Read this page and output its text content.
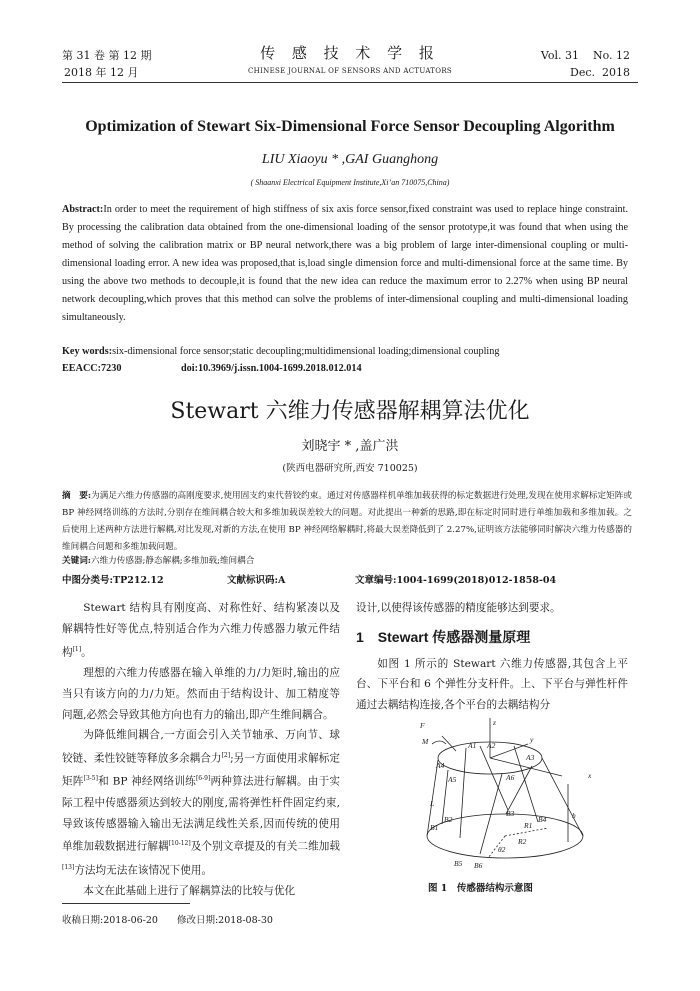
第 31 卷 第 12 期
2018 年 12 月
传 感 技 术 学 报
CHINESE JOURNAL OF SENSORS AND ACTUATORS
Vol. 31    No. 12
Dec.  2018
Optimization of Stewart Six-Dimensional Force Sensor Decoupling Algorithm
LIU Xiaoyu * ,GAI Guanghong
( Shaanxi Electrical Equipment Institute,Xi’an 710075,China)
Abstract:In order to meet the requirement of high stiffness of six axis force sensor,fixed constraint was used to replace hinge constraint. By processing the calibration data obtained from the one-dimensional loading of the sensor prototype,it was found that when using the method of solving the calibration matrix or BP neural network,there was a big problem of large inter-dimensional coupling or multi-dimensional loading error. A new idea was proposed,that is,load single dimension force and multi-dimensional force at the same time. By using the above two methods to decouple,it is found that the new idea can reduce the maximum error to 2.27% when using BP neural network decoupling,which proves that this method can solve the problems of inter-dimensional coupling and multi-dimensional loading simultaneously.
Key words:six-dimensional force sensor;static decoupling;multidimensional loading;dimensional coupling
EEACC:7230	doi:10.3969/j.issn.1004-1699.2018.012.014
Stewart 六维力传感器解耦算法优化
刘晓宇 * ,盖广洪
(陕西电器研究所,西安 710025)
摘　要:为满足六维力传感器的高刚度要求,使用固支约束代替铰约束。通过对传感器样机单维加载获得的标定数据进行处理,发现在使用求解标定矩阵或 BP 神经网络训练的方法时,分别存在维间耦合较大和多维加载误差较大的问题。对此提出一种新的思路,即在标定时同时进行单维加载和多维加载。之后使用上述两种方法进行解耦,对比发现,对新的方法,在使用 BP 神经网络解耦时,将最大误差降低到了 2.27%,证明该方法能够同时解决六维力传感器的维间耦合问题和多维加载问题。
关键词:六维力传感器;静态解耦;多维加载;维间耦合
中图分类号:TP212.12	文献标识码:A	文章编号:1004-1699(2018)012-1858-04

Stewart 结构具有刚度高、对称性好、结构紧凑以及解耦特性好等优点,特别适合作为六维力传感器力敏元件结构[1]。

理想的六维力传感器在输入单维的力/力矩时,输出的应当只有该方向的力/力矩。然而由于结构设计、加工精度等问题,必然会导致其他方向也有力的输出,即产生维间耦合。

为降低维间耦合,一方面会引入关节轴承、万向节、球铰链、柔性铰链等释放多余耦合力[2];另一方面使用求解标定矩阵[3-5]和 BP 神经网络训练[6-9]两种算法进行解耦。由于实际工程中传感器须达到较大的刚度,需将弹性杆件固定约束,导致该传感器输入输出无法满足线性关系,因而传统的使用单维加载数据进行解耦[10-12]及个别文章提及的有关二维加载[13]方法均无法在该情况下使用。

本文在此基础上进行了解耦算法的比较与优化

设计,以使得该传感器的精度能够达到要求。

1　Stewart 传感器测量原理

如图 1 所示的 Stewart 六维力传感器,其包含上平台、下平台和 6 个弹性分支杆件。上、下平台与弹性杆件通过去耦结构连接,各个平台的去耦结构分

F
M
z
y
x
A1 A2
A3
A4
A5	A6
B1
B2
B3
B4
B5 B6
L
h
θ2
R1
R2
图 1　传感器结构示意图
收稿日期:2018-06-20　　修改日期:2018-08-30
